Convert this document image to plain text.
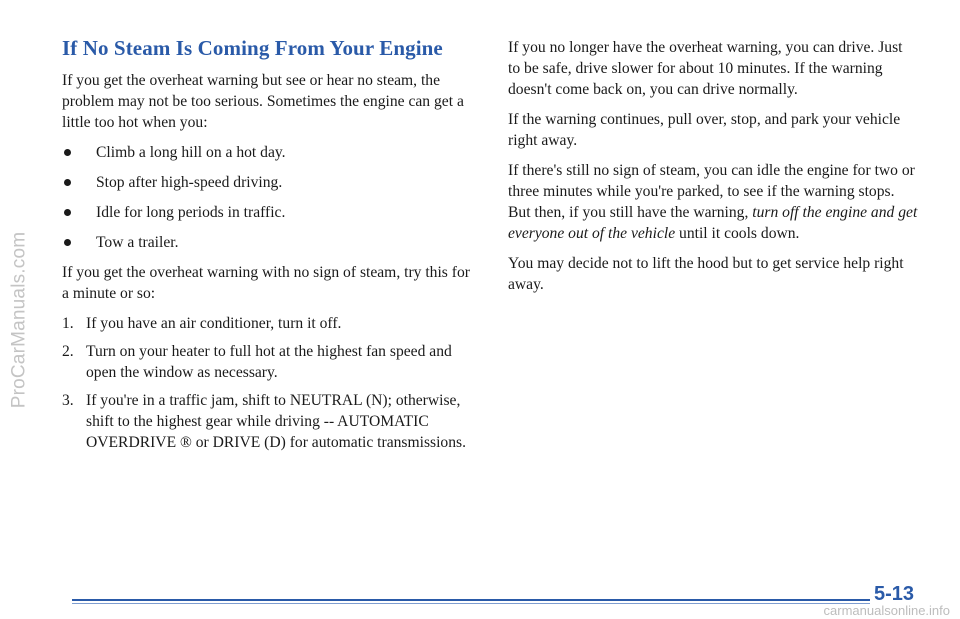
ProCarManuals.com
If No Steam Is Coming From Your Engine

If you get the overheat warning but see or hear no steam, the problem may not be too serious. Sometimes the engine can get a little too hot when you:

Climb a long hill on a hot day.
Stop after high-speed driving.
Idle for long periods in traffic.
Tow a trailer.

If you get the overheat warning with no sign of steam, try this for a minute or so:

1. If you have an air conditioner, turn it off.
2. Turn on your heater to full hot at the highest fan speed and open the window as necessary.
3. If you're in a traffic jam, shift to NEUTRAL (N); otherwise, shift to the highest gear while driving -- AUTOMATIC OVERDRIVE ® or DRIVE (D) for automatic transmissions.

If you no longer have the overheat warning, you can drive. Just to be safe, drive slower for about 10 minutes. If the warning doesn't come back on, you can drive normally.

If the warning continues, pull over, stop, and park your vehicle right away.

If there's still no sign of steam, you can idle the engine for two or three minutes while you're parked, to see if the warning stops. But then, if you still have the warning, turn off the engine and get everyone out of the vehicle until it cools down.

You may decide not to lift the hood but to get service help right away.

5-13
carmanualsonline.info
